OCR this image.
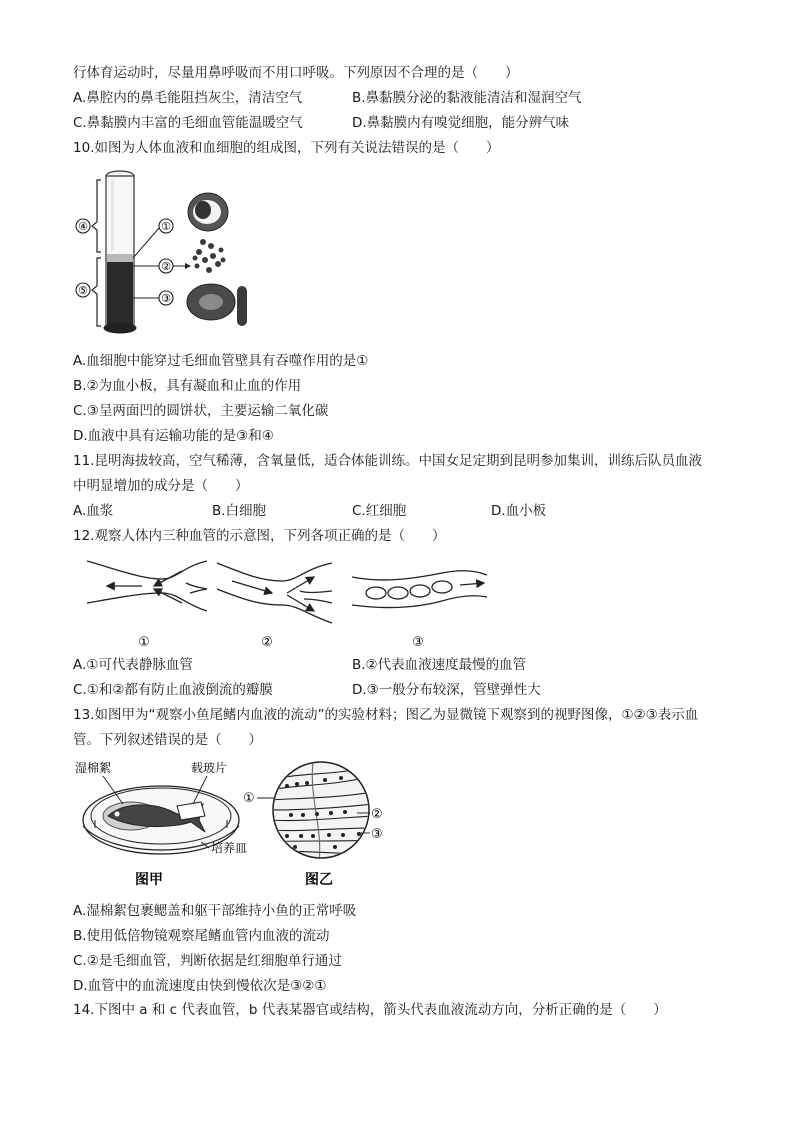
行体育运动时，尽量用鼻呼吸而不用口呼吸。下列原因不合理的是（　　）
A.鼻腔内的鼻毛能阻挡灰尘，清洁空气	B.鼻黏膜分泌的黏液能清洁和湿润空气
C.鼻黏膜内丰富的毛细血管能温暖空气	D.鼻黏膜内有嗅觉细胞，能分辨气味
10.如图为人体血液和血细胞的组成图，下列有关说法错误的是（　　）
④
⑤
①
②
③
A.血细胞中能穿过毛细血管壁具有吞噬作用的是①
B.②为血小板，具有凝血和止血的作用
C.③呈两面凹的圆饼状，主要运输二氧化碳
D.血液中具有运输功能的是③和④
11.昆明海拔较高，空气稀薄，含氧量低，适合体能训练。中国女足定期到昆明参加集训，训练后队员血液
中明显增加的成分是（　　）
A.血浆	B.白细胞	C.红细胞	D.血小板
12.观察人体内三种血管的示意图，下列各项正确的是（　　）
①	②	③
A.①可代表静脉血管	B.②代表血液速度最慢的血管
C.①和②都有防止血液倒流的瓣膜	D.③一般分布较深，管壁弹性大
13.如图甲为“观察小鱼尾鳍内血液的流动”的实验材料；图乙为显微镜下观察到的视野图像，①②③表示血
管。下列叙述错误的是（　　）
湿棉絮	载玻片
培养皿
图甲
①
②
③
图乙
A.湿棉絮包裹鳃盖和躯干部维持小鱼的正常呼吸
B.使用低倍物镜观察尾鳍血管内血液的流动
C.②是毛细血管，判断依据是红细胞单行通过
D.血管中的血流速度由快到慢依次是③②①
14.下图中 a 和 c 代表血管，b 代表某器官或结构，箭头代表血液流动方向，分析正确的是（　　）
